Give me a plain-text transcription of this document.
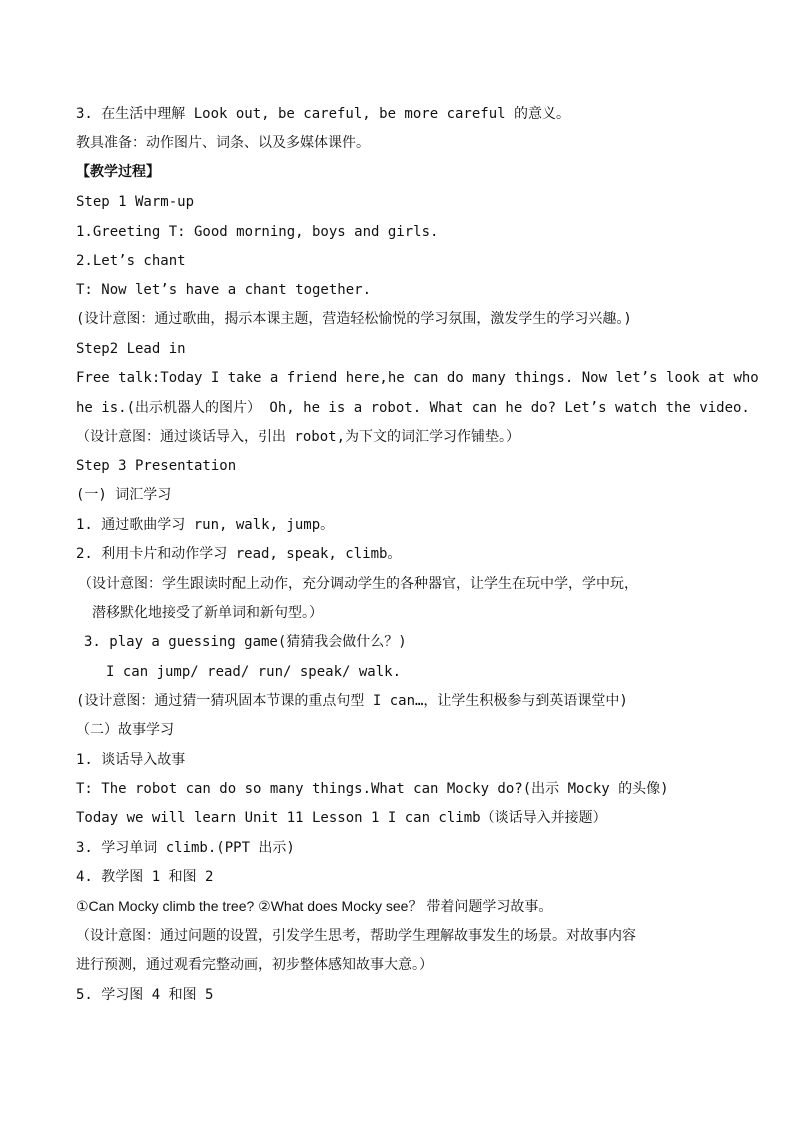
3. 在生活中理解 Look out, be careful, be more careful 的意义。
教具准备：动作图片、词条、以及多媒体课件。
【教学过程】
Step 1 Warm-up
1.Greeting T: Good morning, boys and girls.
2.Let’s chant
T: Now let’s have a chant together.
(设计意图：通过歌曲，揭示本课主题，营造轻松愉悦的学习氛围，激发学生的学习兴趣。)
Step2 Lead in
Free talk:Today I take a friend here,he can do many things. Now let’s look at who
he is.(出示机器人的图片） Oh, he is a robot. What can he do? Let’s watch the video.
（设计意图：通过谈话导入，引出 robot,为下文的词汇学习作铺垫。）
Step 3 Presentation
(一) 词汇学习
1. 通过歌曲学习 run, walk, jump。
2. 利用卡片和动作学习 read, speak, climb。
（设计意图：学生跟读时配上动作，充分调动学生的各种器官，让学生在玩中学，学中玩，
潜移默化地接受了新单词和新句型。）
3. play a guessing game(猜猜我会做什么？)
I can jump/ read/ run/ speak/ walk.
(设计意图：通过猜一猜巩固本节课的重点句型 I can…，让学生积极参与到英语课堂中)
（二）故事学习
1. 谈话导入故事
T: The robot can do so many things.What can Mocky do?(出示 Mocky 的头像)
Today we will learn Unit 11 Lesson 1 I can climb（谈话导入并接题）
3. 学习单词 climb.(PPT 出示)
4. 教学图 1 和图 2
①Can Mocky climb the tree? ②What does Mocky see？ 带着问题学习故事。
（设计意图：通过问题的设置，引发学生思考，帮助学生理解故事发生的场景。对故事内容
进行预测，通过观看完整动画，初步整体感知故事大意。）
5. 学习图 4 和图 5
